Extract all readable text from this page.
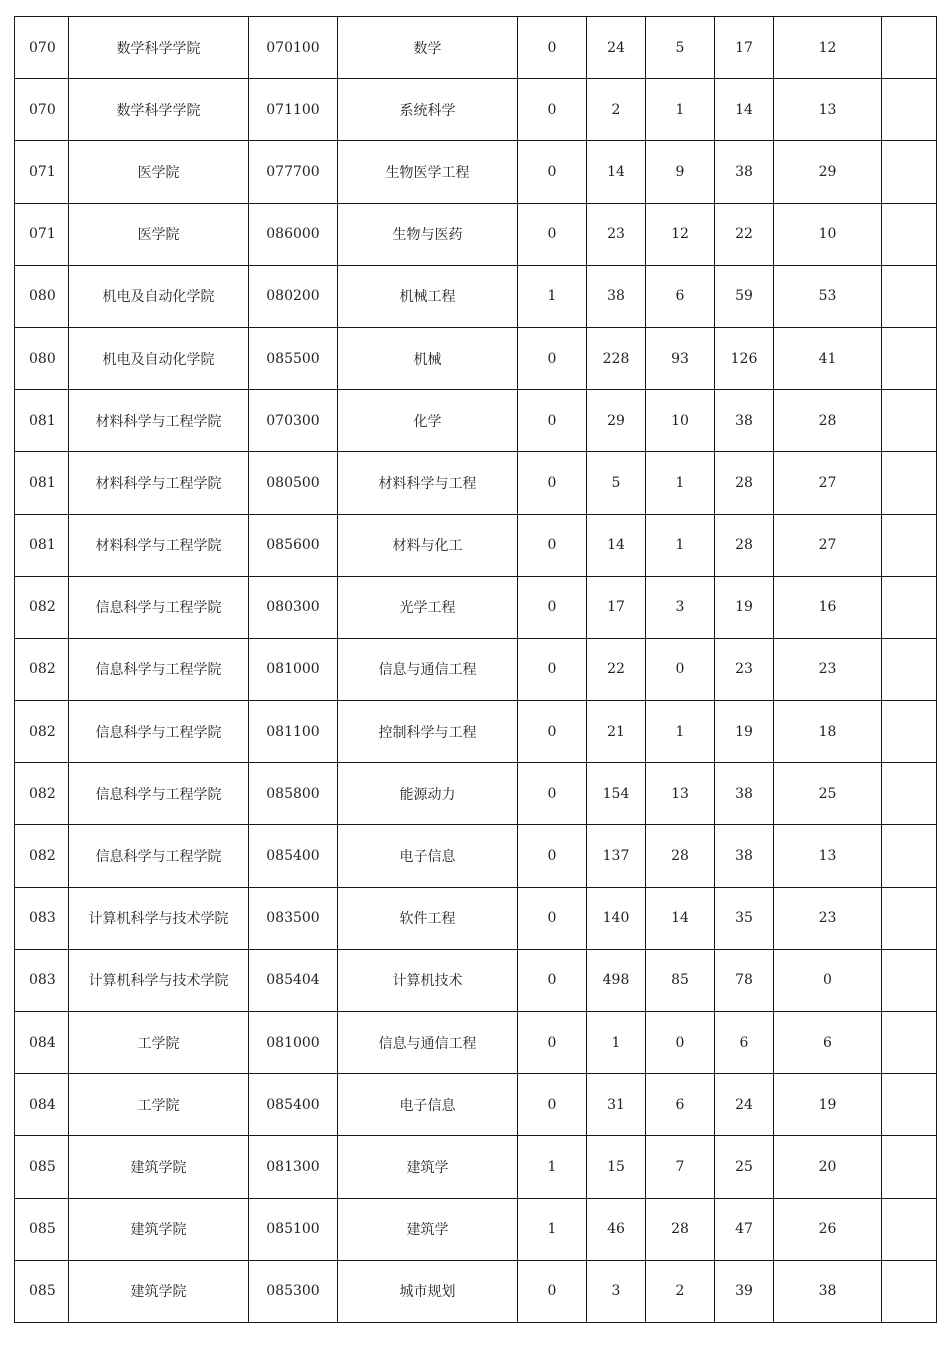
070	数学科学学院	070100	数学	0	24	5	17	12	
070	数学科学学院	071100	系统科学	0	2	1	14	13	
071	医学院	077700	生物医学工程	0	14	9	38	29	
071	医学院	086000	生物与医药	0	23	12	22	10	
080	机电及自动化学院	080200	机械工程	1	38	6	59	53	
080	机电及自动化学院	085500	机械	0	228	93	126	41	
081	材料科学与工程学院	070300	化学	0	29	10	38	28	
081	材料科学与工程学院	080500	材料科学与工程	0	5	1	28	27	
081	材料科学与工程学院	085600	材料与化工	0	14	1	28	27	
082	信息科学与工程学院	080300	光学工程	0	17	3	19	16	
082	信息科学与工程学院	081000	信息与通信工程	0	22	0	23	23	
082	信息科学与工程学院	081100	控制科学与工程	0	21	1	19	18	
082	信息科学与工程学院	085800	能源动力	0	154	13	38	25	
082	信息科学与工程学院	085400	电子信息	0	137	28	38	13	
083	计算机科学与技术学院	083500	软件工程	0	140	14	35	23	
083	计算机科学与技术学院	085404	计算机技术	0	498	85	78	0	
084	工学院	081000	信息与通信工程	0	1	0	6	6	
084	工学院	085400	电子信息	0	31	6	24	19	
085	建筑学院	081300	建筑学	1	15	7	25	20	
085	建筑学院	085100	建筑学	1	46	28	47	26	
085	建筑学院	085300	城市规划	0	3	2	39	38	
